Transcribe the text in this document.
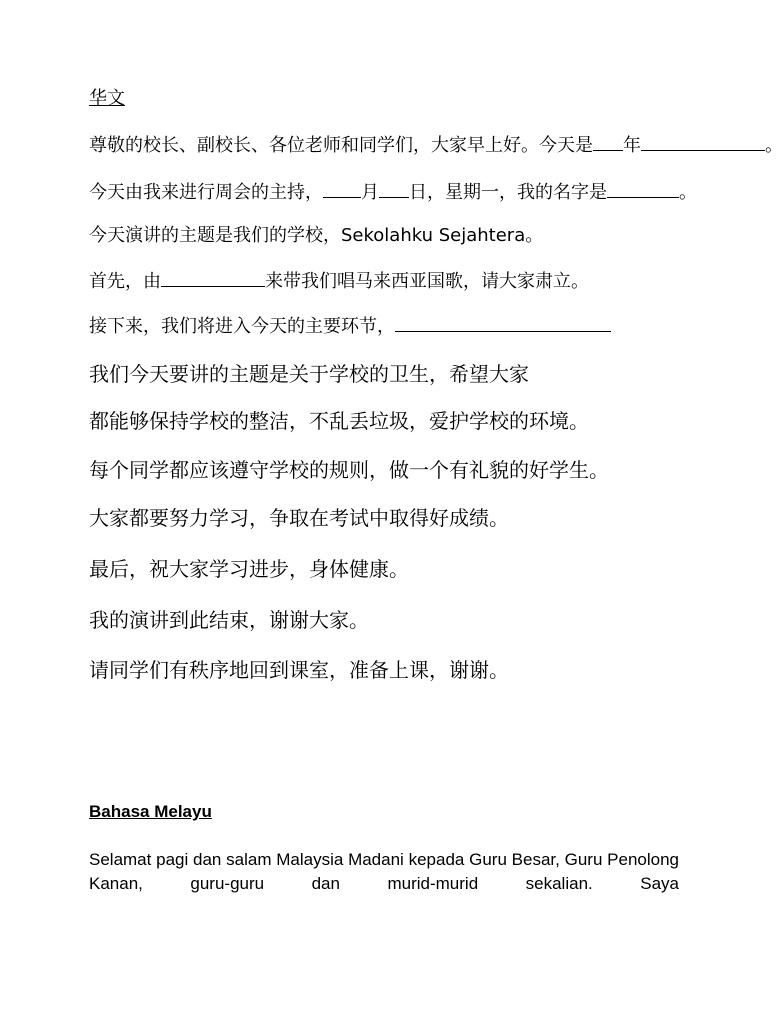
华文
尊敬的校长、副校长、各位老师和同学们，大家早上好。今天是 年	。
今天由我来进行周会的主持， 月 日，星期一，我的名字是	。
今天演讲的主题是我们的学校，Sekolahku Sejahtera。
首先，由	来带我们唱马来西亚国歌，请大家肃立。
接下来，我们将进入今天的主要环节，
我们今天要讲的主题是关于学校的卫生，希望大家
都能够保持学校的整洁，不乱丢垃圾，爱护学校的环境。
每个同学都应该遵守学校的规则，做一个有礼貌的好学生。
大家都要努力学习，争取在考试中取得好成绩。
最后，祝大家学习进步，身体健康。
我的演讲到此结束，谢谢大家。
请同学们有秩序地回到课室，准备上课，谢谢。
Bahasa Melayu
Selamat pagi dan salam Malaysia Madani kepada Guru Besar, Guru Penolong Kanan, guru-guru dan murid-murid sekalian. Saya
